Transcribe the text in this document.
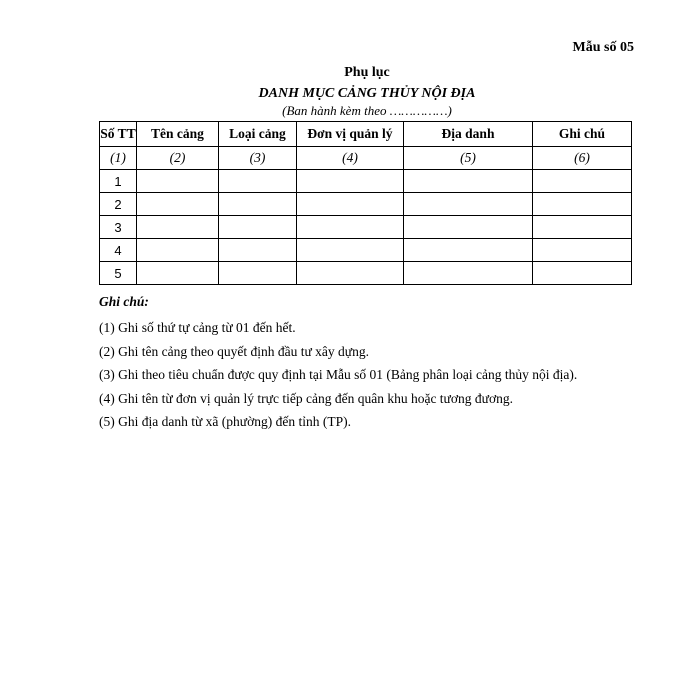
Mẫu số 05
Phụ lục
DANH MỤC CẢNG THỦY NỘI ĐỊA
(Ban hành kèm theo ……………)
Số TT	Tên cảng	Loại cảng	Đơn vị quản lý	Địa danh	Ghi chú
(1)	(2)	(3)	(4)	(5)	(6)
1					
2					
3					
4					
5					
Ghi chú:
(1) Ghi số thứ tự cảng từ 01 đến hết.
(2) Ghi tên cảng theo quyết định đầu tư xây dựng.
(3) Ghi theo tiêu chuẩn được quy định tại Mẫu số 01 (Bảng phân loại cảng thủy nội địa).
(4) Ghi tên từ đơn vị quản lý trực tiếp cảng đến quân khu hoặc tương đương.
(5) Ghi địa danh từ xã (phường) đến tỉnh (TP).
